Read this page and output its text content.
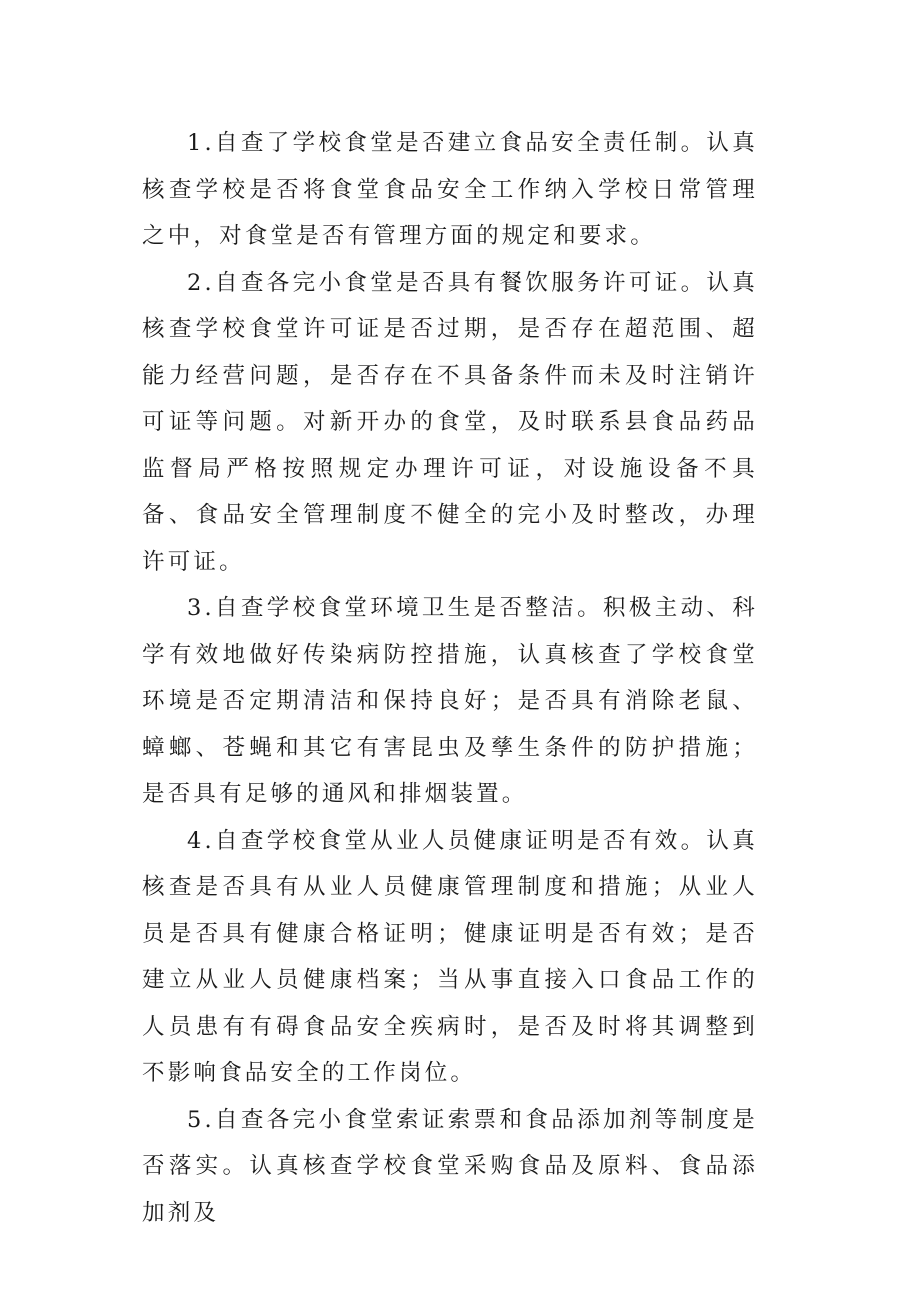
1.自查了学校食堂是否建立食品安全责任制。认真核查学校是否将食堂食品安全工作纳入学校日常管理之中，对食堂是否有管理方面的规定和要求。

2.自查各完小食堂是否具有餐饮服务许可证。认真核查学校食堂许可证是否过期，是否存在超范围、超能力经营问题，是否存在不具备条件而未及时注销许可证等问题。对新开办的食堂，及时联系县食品药品监督局严格按照规定办理许可证，对设施设备不具备、食品安全管理制度不健全的完小及时整改，办理许可证。

3.自查学校食堂环境卫生是否整洁。积极主动、科学有效地做好传染病防控措施，认真核查了学校食堂环境是否定期清洁和保持良好；是否具有消除老鼠、蟑螂、苍蝇和其它有害昆虫及孳生条件的防护措施；是否具有足够的通风和排烟装置。

4.自查学校食堂从业人员健康证明是否有效。认真核查是否具有从业人员健康管理制度和措施；从业人员是否具有健康合格证明；健康证明是否有效；是否建立从业人员健康档案；当从事直接入口食品工作的人员患有有碍食品安全疾病时，是否及时将其调整到不影响食品安全的工作岗位。

5.自查各完小食堂索证索票和食品添加剂等制度是否落实。认真核查学校食堂采购食品及原料、食品添加剂及
